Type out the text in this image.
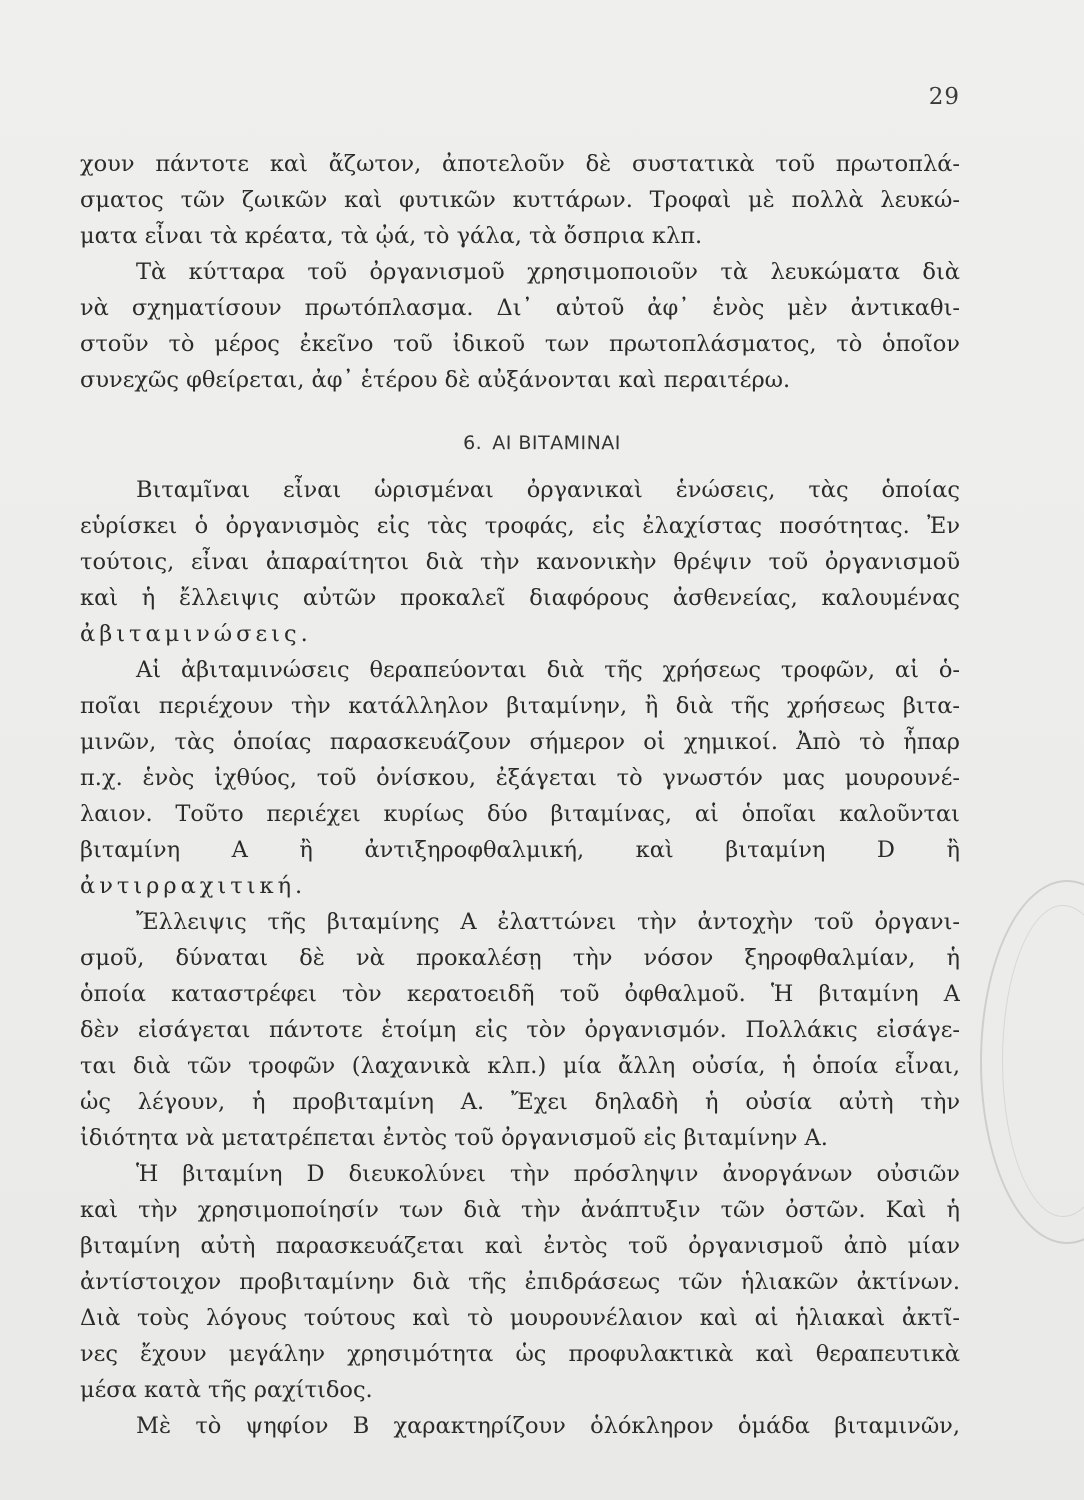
29
χουν πάντοτε καὶ ἄζωτον, ἀποτελοῦν δὲ συστατικὰ τοῦ πρωτοπλά-
σματος τῶν ζωικῶν καὶ φυτικῶν κυττάρων. Τροφαὶ μὲ πολλὰ λευκώ-
ματα εἶναι τὰ κρέατα, τὰ ᾠά, τὸ γάλα, τὰ ὄσπρια κλπ.
Τὰ κύτταρα τοῦ ὀργανισμοῦ χρησιμοποιοῦν τὰ λευκώματα διὰ
νὰ σχηματίσουν πρωτόπλασμα. Δι᾽ αὐτοῦ ἀφ᾽ ἑνὸς μὲν ἀντικαθι-
στοῦν τὸ μέρος ἐκεῖνο τοῦ ἰδικοῦ των πρωτοπλάσματος, τὸ ὁποῖον
συνεχῶς φθείρεται, ἀφ᾽ ἑτέρου δὲ αὐξάνονται καὶ περαιτέρω.
6. ΑΙ ΒΙΤΑΜΙΝΑΙ
Βιταμῖναι εἶναι ὡρισμέναι ὀργανικαὶ ἑνώσεις, τὰς ὁποίας
εὑρίσκει ὁ ὀργανισμὸς εἰς τὰς τροφάς, εἰς ἐλαχίστας ποσότητας. Ἐν
τούτοις, εἶναι ἀπαραίτητοι διὰ τὴν κανονικὴν θρέψιν τοῦ ὀργανισμοῦ
καὶ ἡ ἔλλειψις αὐτῶν προκαλεῖ διαφόρους ἀσθενείας, καλουμένας
ἀβιταμινώσεις.
Αἱ ἀβιταμινώσεις θεραπεύονται διὰ τῆς χρήσεως τροφῶν, αἱ ὁ-
ποῖαι περιέχουν τὴν κατάλληλον βιταμίνην, ἢ διὰ τῆς χρήσεως βιτα-
μινῶν, τὰς ὁποίας παρασκευάζουν σήμερον οἱ χημικοί. Ἀπὸ τὸ ἧπαρ
π.χ. ἑνὸς ἰχθύος, τοῦ ὀνίσκου, ἐξάγεται τὸ γνωστόν μας μουρουνέ-
λαιον. Τοῦτο περιέχει κυρίως δύο βιταμίνας, αἱ ὁποῖαι καλοῦνται
βιταμίνη Α ἢ ἀντιξηροφθαλμική, καὶ βιταμίνη D ἢ
ἀντιρραχιτική.
Ἔλλειψις τῆς βιταμίνης Α ἐλαττώνει τὴν ἀντοχὴν τοῦ ὀργανι-
σμοῦ, δύναται δὲ νὰ προκαλέσῃ τὴν νόσον ξηροφθαλμίαν, ἡ
ὁποία καταστρέφει τὸν κερατοειδῆ τοῦ ὀφθαλμοῦ. Ἡ βιταμίνη Α
δὲν εἰσάγεται πάντοτε ἑτοίμη εἰς τὸν ὀργανισμόν. Πολλάκις εἰσάγε-
ται διὰ τῶν τροφῶν (λαχανικὰ κλπ.) μία ἄλλη οὐσία, ἡ ὁποία εἶναι,
ὡς λέγουν, ἡ προβιταμίνη Α. Ἔχει δηλαδὴ ἡ οὐσία αὐτὴ τὴν
ἰδιότητα νὰ μετατρέπεται ἐντὸς τοῦ ὀργανισμοῦ εἰς βιταμίνην Α.
Ἡ βιταμίνη D διευκολύνει τὴν πρόσληψιν ἀνοργάνων οὐσιῶν
καὶ τὴν χρησιμοποίησίν των διὰ τὴν ἀνάπτυξιν τῶν ὀστῶν. Καὶ ἡ
βιταμίνη αὐτὴ παρασκευάζεται καὶ ἐντὸς τοῦ ὀργανισμοῦ ἀπὸ μίαν
ἀντίστοιχον προβιταμίνην διὰ τῆς ἐπιδράσεως τῶν ἡλιακῶν ἀκτίνων.
Διὰ τοὺς λόγους τούτους καὶ τὸ μουρουνέλαιον καὶ αἱ ἡλιακαὶ ἀκτῖ-
νες ἔχουν μεγάλην χρησιμότητα ὡς προφυλακτικὰ καὶ θεραπευτικὰ
μέσα κατὰ τῆς ραχίτιδος.
Μὲ τὸ ψηφίον Β χαρακτηρίζουν ὁλόκληρον ὁμάδα βιταμινῶν,
